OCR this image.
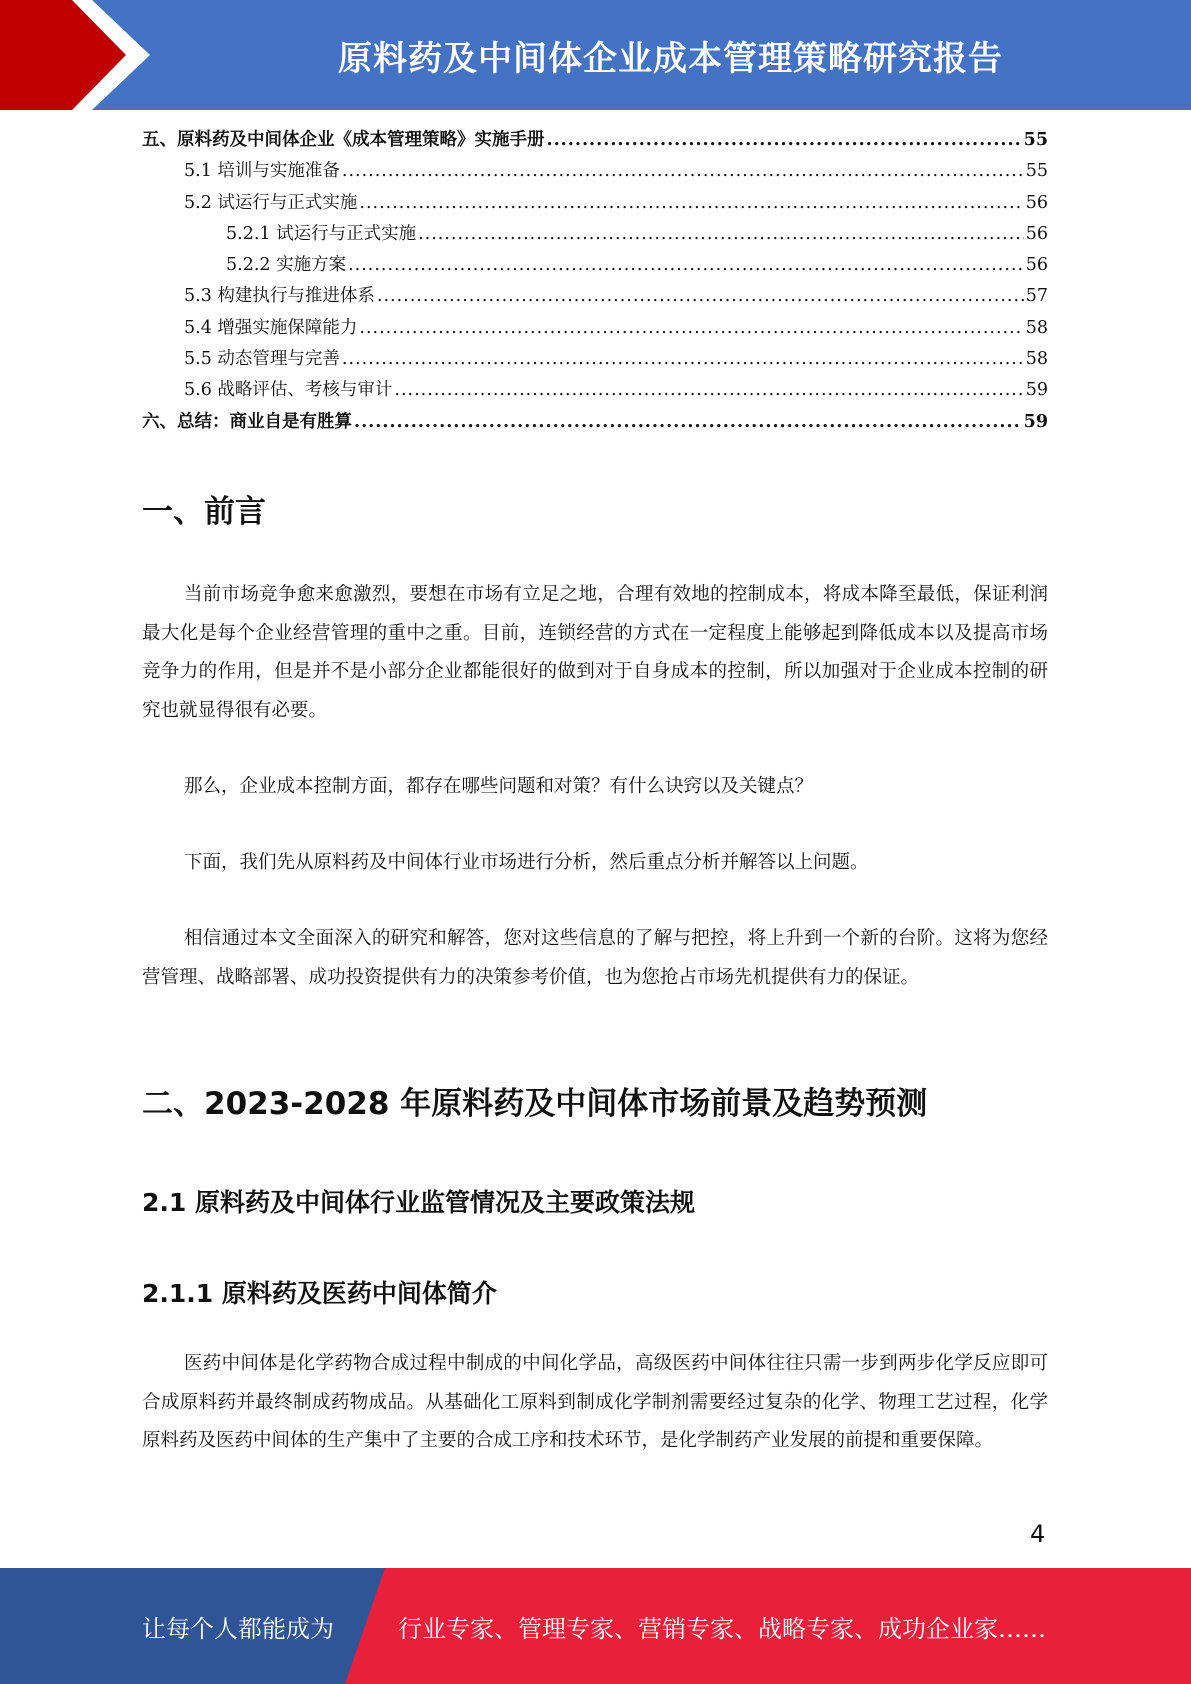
原料药及中间体企业成本管理策略研究报告
五、原料药及中间体企业《成本管理策略》实施手册 .....	55
5.1 培训与实施准备 .....	55
5.2 试运行与正式实施 .....	56
5.2.1 试运行与正式实施 .....	56
5.2.2 实施方案 .....	56
5.3 构建执行与推进体系 .....	57
5.4 增强实施保障能力 .....	58
5.5 动态管理与完善 .....	58
5.6 战略评估、考核与审计 .....	59
六、总结：商业自是有胜算 .....	59
一、前言
当前市场竞争愈来愈激烈，要想在市场有立足之地，合理有效地的控制成本，将成本降至最低，保证利润最大化是每个企业经营管理的重中之重。目前，连锁经营的方式在一定程度上能够起到降低成本以及提高市场竞争力的作用，但是并不是小部分企业都能很好的做到对于自身成本的控制，所以加强对于企业成本控制的研究也就显得很有必要。
那么，企业成本控制方面，都存在哪些问题和对策？有什么诀窍以及关键点？
下面，我们先从原料药及中间体行业市场进行分析，然后重点分析并解答以上问题。
相信通过本文全面深入的研究和解答，您对这些信息的了解与把控，将上升到一个新的台阶。这将为您经营管理、战略部署、成功投资提供有力的决策参考价值，也为您抢占市场先机提供有力的保证。
二、2023-2028 年原料药及中间体市场前景及趋势预测
2.1 原料药及中间体行业监管情况及主要政策法规
2.1.1 原料药及医药中间体简介
医药中间体是化学药物合成过程中制成的中间化学品，高级医药中间体往往只需一步到两步化学反应即可合成原料药并最终制成药物成品。从基础化工原料到制成化学制剂需要经过复杂的化学、物理工艺过程，化学原料药及医药中间体的生产集中了主要的合成工序和技术环节，是化学制药产业发展的前提和重要保障。
4
让每个人都能成为	行业专家、管理专家、营销专家、战略专家、成功企业家……
